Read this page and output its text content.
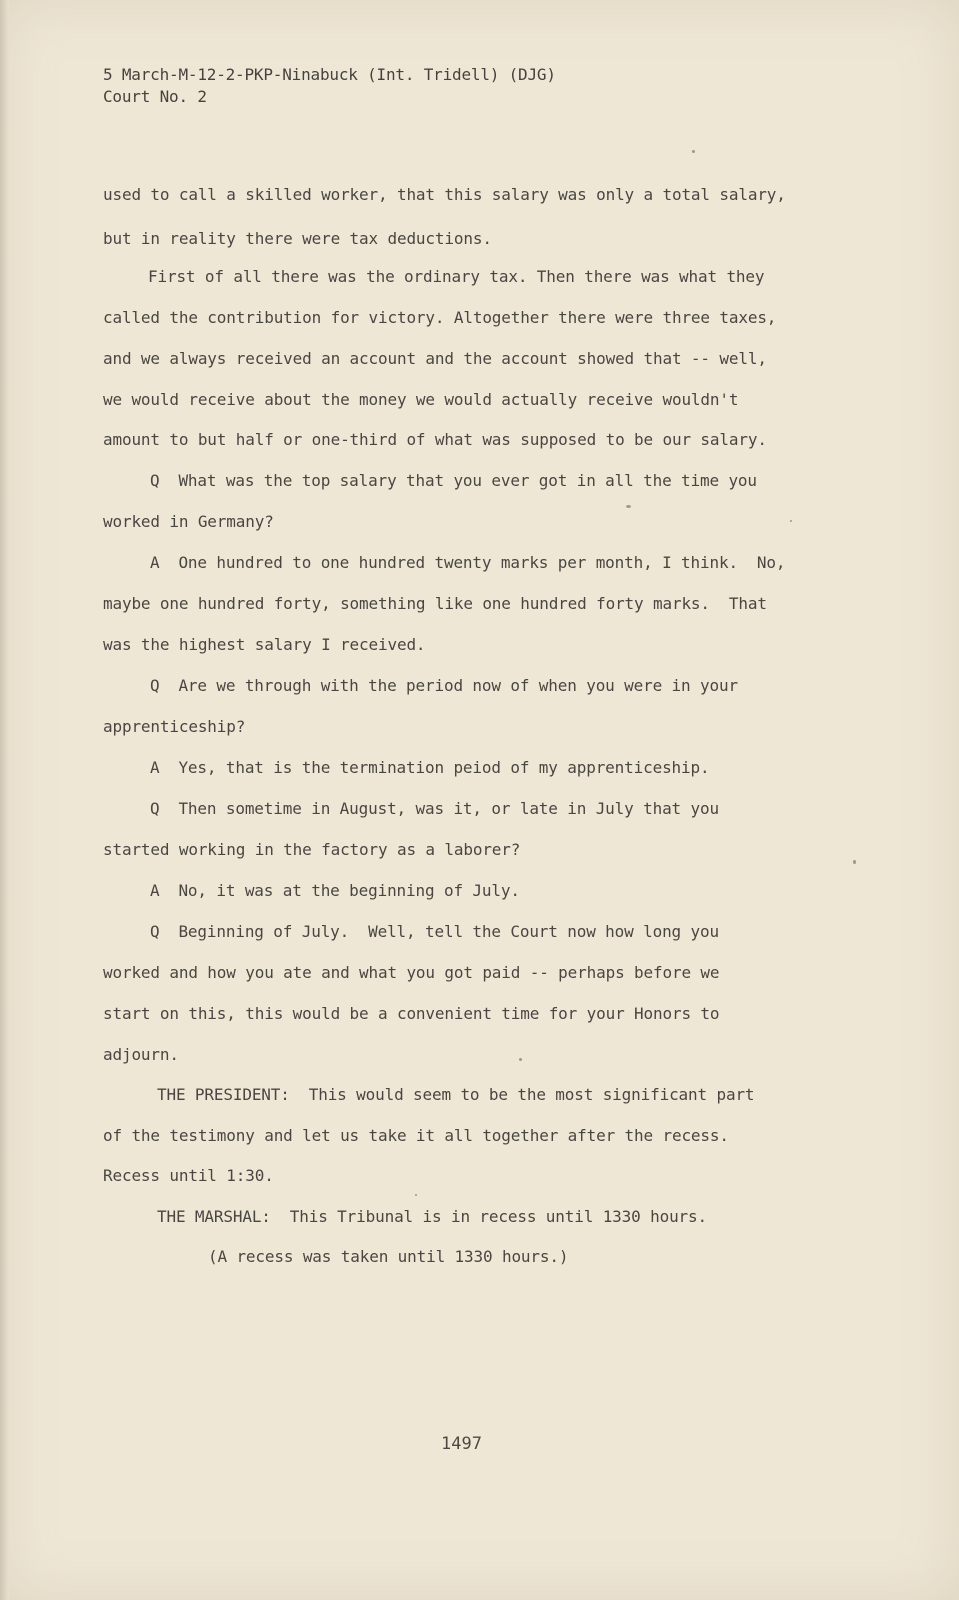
5 March-M-12-2-PKP-Ninabuck (Int. Tridell) (DJG)
Court No. 2
used to call a skilled worker, that this salary was only a total salary,
but in reality there were tax deductions.
First of all there was the ordinary tax. Then there was what they
called the contribution for victory. Altogether there were three taxes,
and we always received an account and the account showed that -- well,
we would receive about the money we would actually receive wouldn't
amount to but half or one-third of what was supposed to be our salary.
Q  What was the top salary that you ever got in all the time you
worked in Germany?
A  One hundred to one hundred twenty marks per month, I think.  No,
maybe one hundred forty, something like one hundred forty marks.  That
was the highest salary I received.
Q  Are we through with the period now of when you were in your
apprenticeship?
A  Yes, that is the termination peiod of my apprenticeship.
Q  Then sometime in August, was it, or late in July that you
started working in the factory as a laborer?
A  No, it was at the beginning of July.
Q  Beginning of July.  Well, tell the Court now how long you
worked and how you ate and what you got paid -- perhaps before we
start on this, this would be a convenient time for your Honors to
adjourn.
THE PRESIDENT:  This would seem to be the most significant part
of the testimony and let us take it all together after the recess.
Recess until 1:30.
THE MARSHAL:  This Tribunal is in recess until 1330 hours.
(A recess was taken until 1330 hours.)
1497
